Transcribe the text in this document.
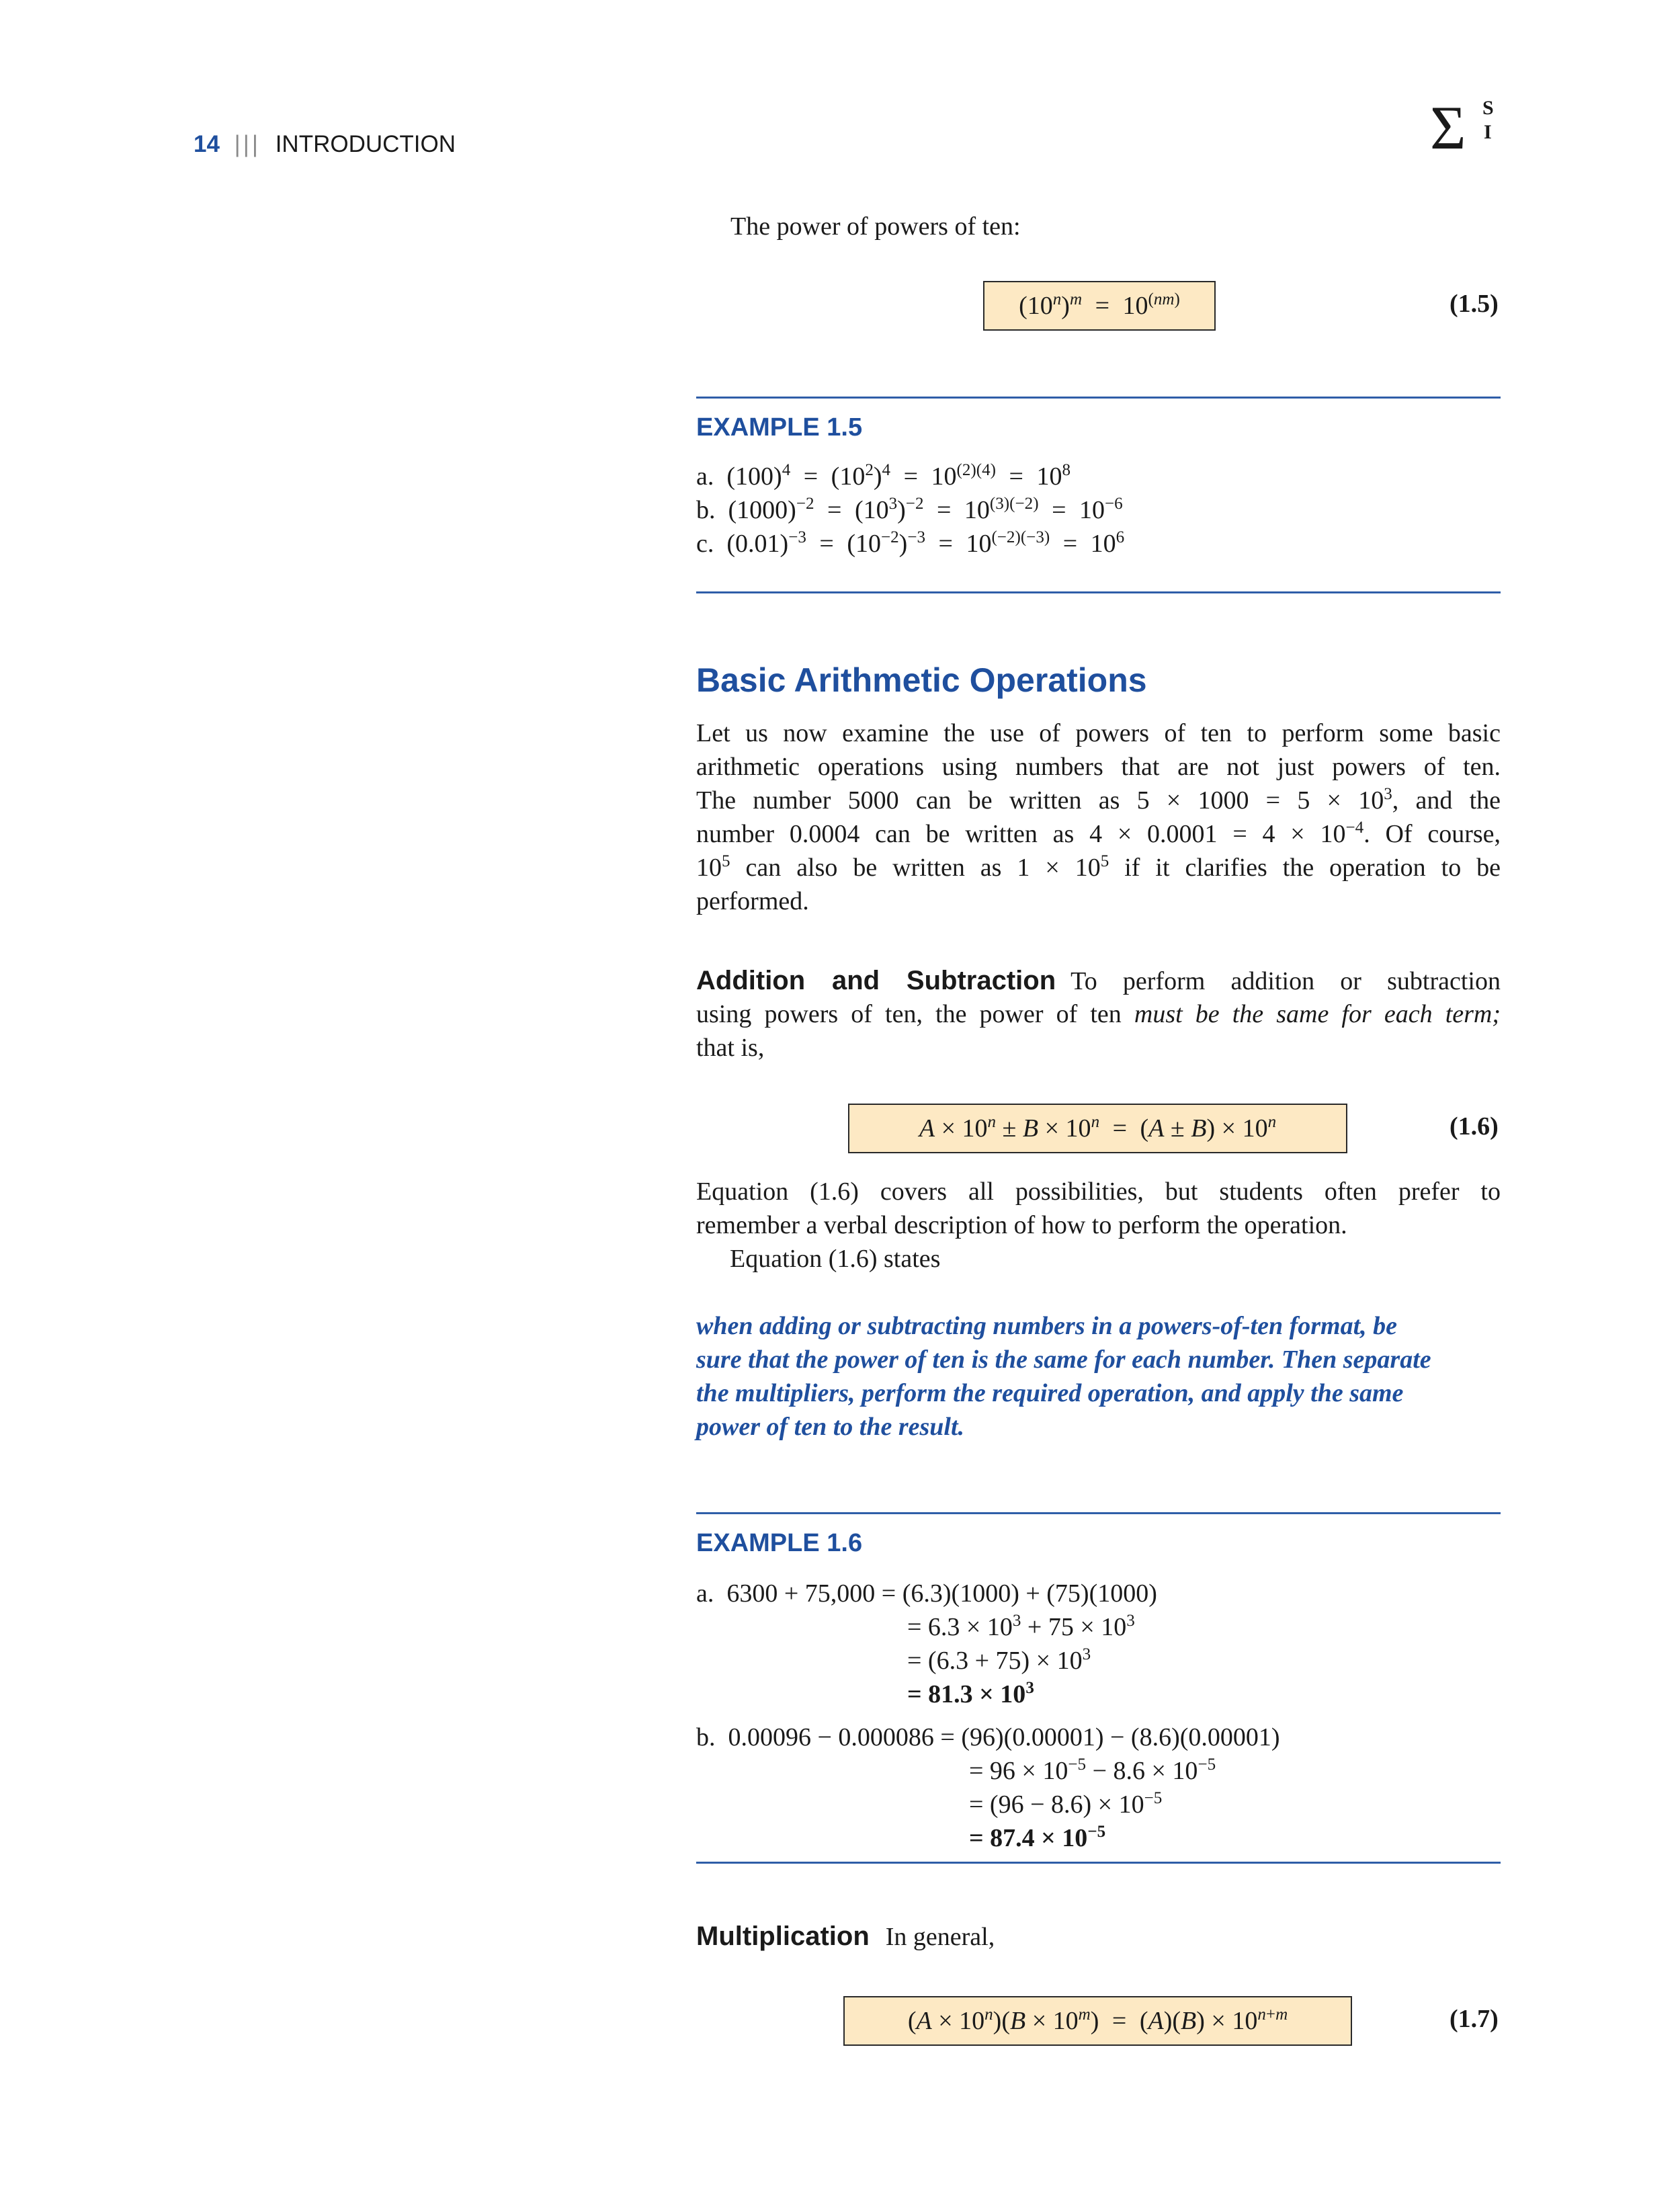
14 ||| INTRODUCTION	Σ S
I
The power of powers of ten:
$(10^n)^m = 10^{(nm)}$	(1.5)
EXAMPLE 1.5
a.  $(100)^4 = (10^2)^4 = 10^{(2)(4)} = 10^8$
b.  $(1000)^{-2} = (10^3)^{-2} = 10^{(3)(-2)} = 10^{-6}$
c.  $(0.01)^{-3} = (10^{-2})^{-3} = 10^{(-2)(-3)} = 10^6$
Basic Arithmetic Operations
Let us now examine the use of powers of ten to perform some basic
arithmetic operations using numbers that are not just powers of ten.
The number 5000 can be written as $5 \times 1000 = 5 \times 10^3$, and the
number 0.0004 can be written as $4 \times 0.0001 = 4 \times 10^{-4}$. Of course,
$10^5$ can also be written as $1 \times 10^5$ if it clarifies the operation to be
performed.
Addition and Subtraction To perform addition or subtraction
using powers of ten, the power of ten must be the same for each term;
that is,
$A \times 10^n \pm B \times 10^n = (A \pm B) \times 10^n$	(1.6)
Equation (1.6) covers all possibilities, but students often prefer to
remember a verbal description of how to perform the operation.
Equation (1.6) states
when adding or subtracting numbers in a powers-of-ten format, be
sure that the power of ten is the same for each number. Then separate
the multipliers, perform the required operation, and apply the same
power of ten to the result.
EXAMPLE 1.6
a.  6300 + 75,000 = (6.3)(1000) + (75)(1000)
= $6.3 \times 10^3 + 75 \times 10^3$
= $(6.3 + 75) \times 10^3$
= $81.3 \times 10^3$
b.  0.00096 − 0.000086 = (96)(0.00001) − (8.6)(0.00001)
= $96 \times 10^{-5} - 8.6 \times 10^{-5}$
= $(96 - 8.6) \times 10^{-5}$
= $87.4 \times 10^{-5}$
Multiplication In general,
$(A \times 10^n)(B \times 10^m) = (A)(B) \times 10^{n+m}$	(1.7)
